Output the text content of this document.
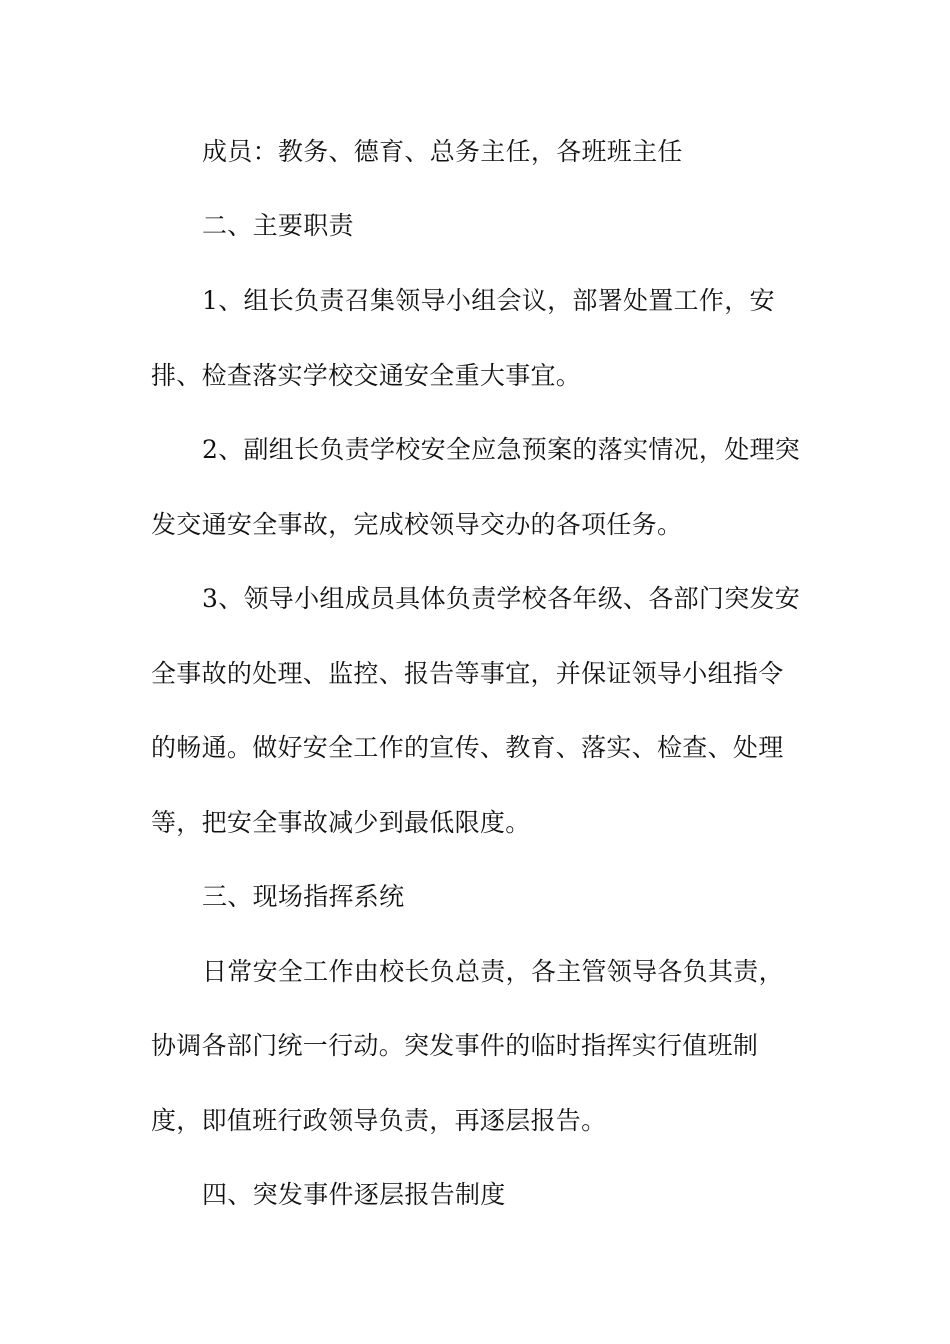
成员：教务、德育、总务主任，各班班主任
二、主要职责
1、组长负责召集领导小组会议，部署处置工作，安
排、检查落实学校交通安全重大事宜。
2、副组长负责学校安全应急预案的落实情况，处理突
发交通安全事故，完成校领导交办的各项任务。
3、领导小组成员具体负责学校各年级、各部门突发安
全事故的处理、监控、报告等事宜，并保证领导小组指令
的畅通。做好安全工作的宣传、教育、落实、检查、处理
等，把安全事故减少到最低限度。
三、现场指挥系统
日常安全工作由校长负总责，各主管领导各负其责，
协调各部门统一行动。突发事件的临时指挥实行值班制
度，即值班行政领导负责，再逐层报告。
四、突发事件逐层报告制度
